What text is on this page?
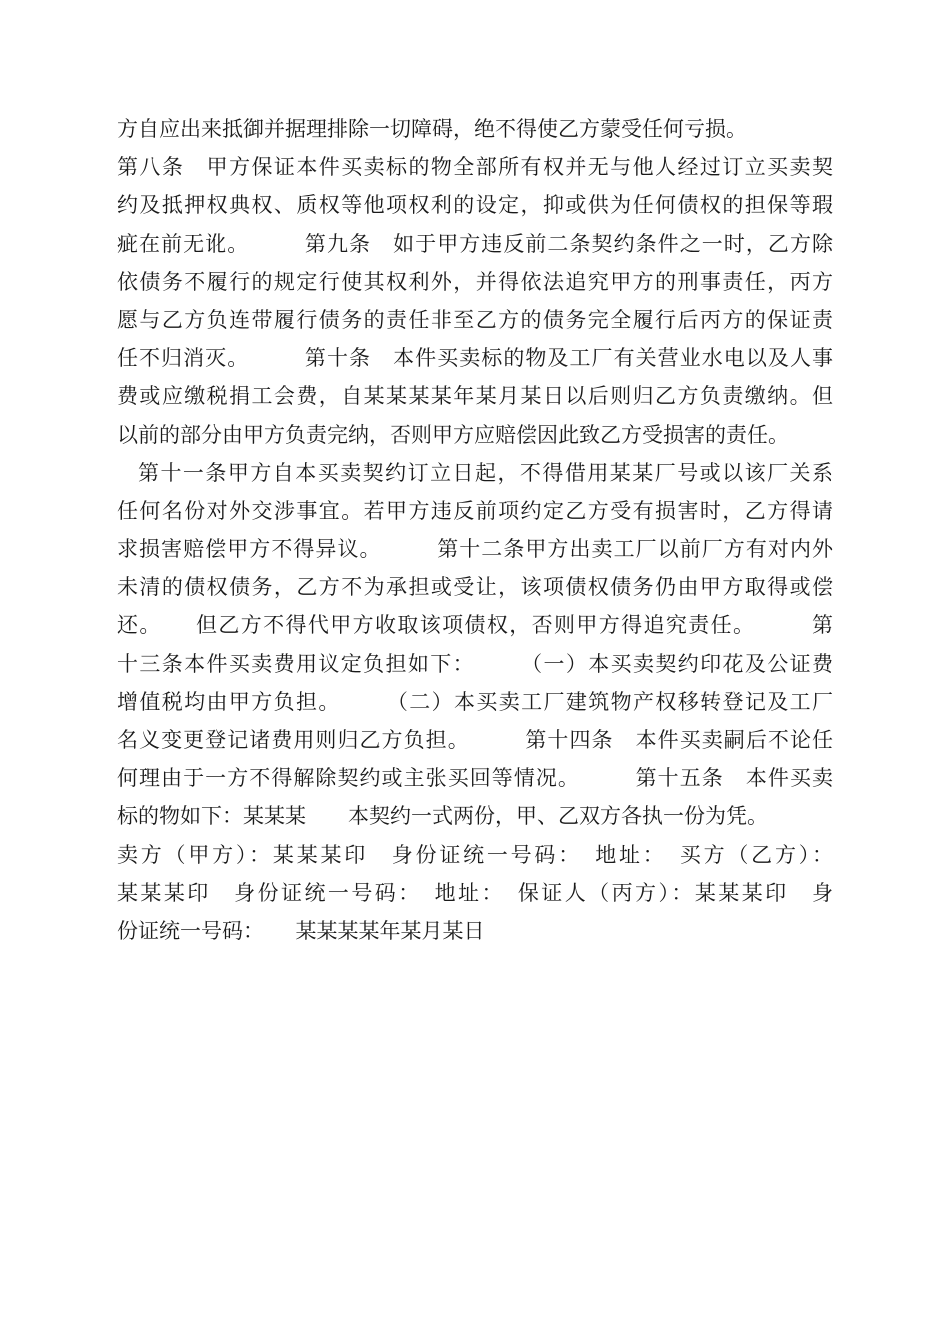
方自应出来抵御并据理排除一切障碍，绝不得使乙方蒙受任何亏损。
第八条　甲方保证本件买卖标的物全部所有权并无与他人经过订立买卖契
约及抵押权典权、质权等他项权利的设定，抑或供为任何债权的担保等瑕
疵在前无讹。　　　第九条　如于甲方违反前二条契约条件之一时，乙方除
依债务不履行的规定行使其权利外，并得依法追究甲方的刑事责任，丙方
愿与乙方负连带履行债务的责任非至乙方的债务完全履行后丙方的保证责
任不归消灭。　　　第十条　本件买卖标的物及工厂有关营业水电以及人事
费或应缴税捐工会费，自某某某某年某月某日以后则归乙方负责缴纳。但
以前的部分由甲方负责完纳，否则甲方应赔偿因此致乙方受损害的责任。
第十一条甲方自本买卖契约订立日起，不得借用某某厂号或以该厂关系
任何名份对外交涉事宜。若甲方违反前项约定乙方受有损害时，乙方得请
求损害赔偿甲方不得异议。　　　第十二条甲方出卖工厂以前厂方有对内外
未清的债权债务，乙方不为承担或受让，该项债权债务仍由甲方取得或偿
还。　　但乙方不得代甲方收取该项债权，否则甲方得追究责任。　　　第
十三条本件买卖费用议定负担如下：　　　（一）本买卖契约印花及公证费
增值税均由甲方负担。　　　（二）本买卖工厂建筑物产权移转登记及工厂
名义变更登记诸费用则归乙方负担。　　　第十四条　本件买卖嗣后不论任
何理由于一方不得解除契约或主张买回等情况。　　　第十五条　本件买卖
标的物如下：某某某　　本契约一式两份，甲、乙双方各执一份为凭。
卖方（甲方）：某某某印　身份证统一号码：　地址：　买方（乙方）：
某某某印　身份证统一号码：　地址：　保证人（丙方）：某某某印　身
份证统一号码：　　某某某某年某月某日
